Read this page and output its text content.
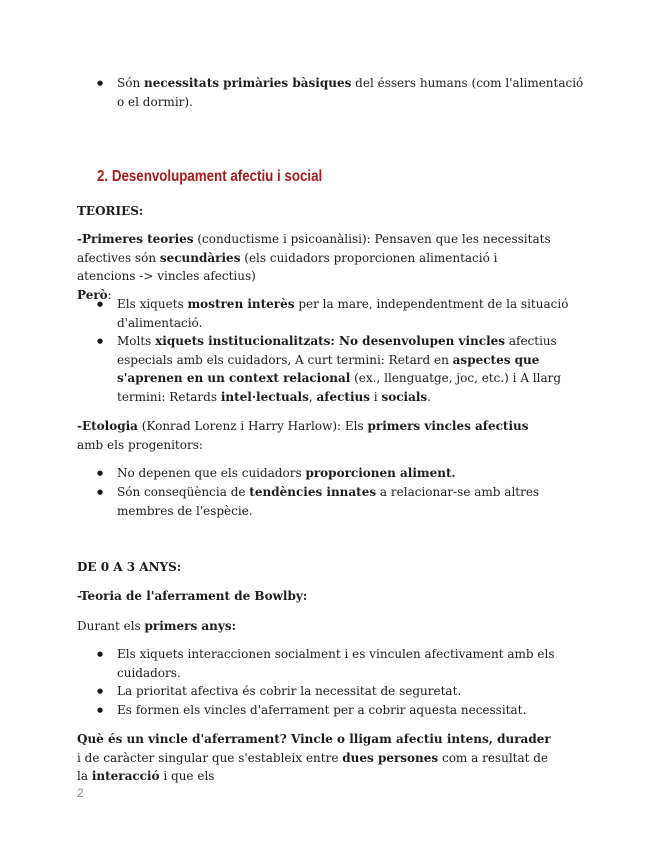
● Són necessitats primàries bàsiques del éssers humans (com l'alimentació o el dormir).
2. Desenvolupament afectiu i social
TEORIES:
-Primeres teories (conductisme i psicoanàlisi): Pensaven que les necessitats afectives són secundàries (els cuidadors proporcionen alimentació i atencions -> vincles afectius)
Però:
● Els xiquets mostren interès per la mare, independentment de la situació d'alimentació.
● Molts xiquets institucionalitzats: No desenvolupen vincles afectius especials amb els cuidadors, A curt termini: Retard en aspectes que s'aprenen en un context relacional (ex., llenguatge, joc, etc.) i A llarg termini: Retards intel·lectuals, afectius i socials.
-Etologia (Konrad Lorenz i Harry Harlow): Els primers vincles afectius amb els progenitors:
● No depenen que els cuidadors proporcionen aliment.
● Són conseqüència de tendències innates a relacionar-se amb altres membres de l'espècie.
DE 0 A 3 ANYS:
-Teoria de l'aferrament de Bowlby:
Durant els primers anys:
● Els xiquets interaccionen socialment i es vinculen afectivament amb els cuidadors.
● La prioritat afectiva és cobrir la necessitat de seguretat.
● Es formen els vincles d'aferrament per a cobrir aquesta necessitat.
Què és un vincle d'aferrament? Vincle o lligam afectiu intens, durader i de caràcter singular que s'estableix entre dues persones com a resultat de la interacció i que els
2
